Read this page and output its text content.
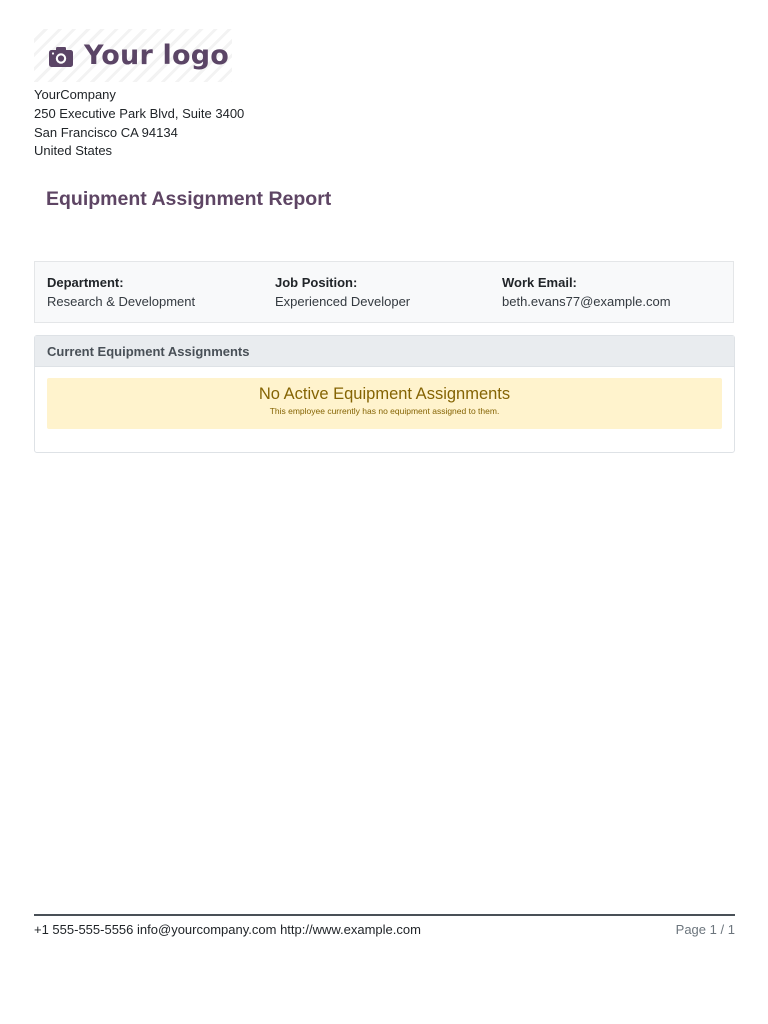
Your logo
YourCompany
250 Executive Park Blvd, Suite 3400
San Francisco CA 94134
United States
Equipment Assignment Report
Department:
Research & Development
Job Position:
Experienced Developer
Work Email:
beth.evans77@example.com
Current Equipment Assignments
No Active Equipment Assignments
This employee currently has no equipment assigned to them.
+1 555-555-5556 info@yourcompany.com http://www.example.com	Page 1 / 1
